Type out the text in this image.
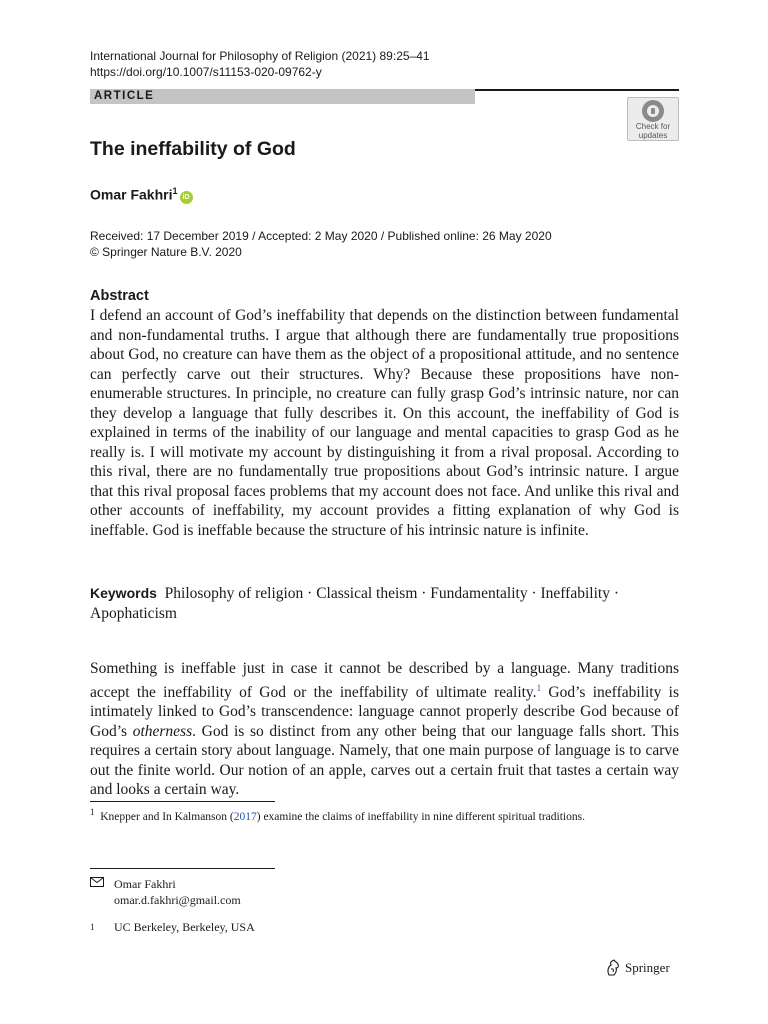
International Journal for Philosophy of Religion (2021) 89:25–41
https://doi.org/10.1007/s11153-020-09762-y
ARTICLE
Check for
updates
The ineffability of God
Omar Fakhri$^1$iD
Received: 17 December 2019 / Accepted: 2 May 2020 / Published online: 26 May 2020
© Springer Nature B.V. 2020
Abstract
I defend an account of God’s ineffability that depends on the distinction between fundamental and non-fundamental truths. I argue that although there are fundamentally true propositions about God, no creature can have them as the object of a propositional attitude, and no sentence can perfectly carve out their structures. Why? Because these propositions have non-enumerable structures. In principle, no creature can fully grasp God’s intrinsic nature, nor can they develop a language that fully describes it. On this account, the ineffability of God is explained in terms of the inability of our language and mental capacities to grasp God as he really is. I will motivate my account by distinguishing it from a rival proposal. According to this rival, there are no fundamentally true propositions about God’s intrinsic nature. I argue that this rival proposal faces problems that my account does not face. And unlike this rival and other accounts of ineffability, my account provides a fitting explanation of why God is ineffable. God is ineffable because the structure of his intrinsic nature is infinite.
Keywords Philosophy of religion · Classical theism · Fundamentality · Ineffability · Apophaticism
Something is ineffable just in case it cannot be described by a language. Many traditions accept the ineffability of God or the ineffability of ultimate reality.$^1$ God’s ineffability is intimately linked to God’s transcendence: language cannot properly describe God because of God’s otherness. God is so distinct from any other being that our language falls short. This requires a certain story about language. Namely, that one main purpose of language is to carve out the finite world. Our notion of an apple, carves out a certain fruit that tastes a certain way and looks a certain way.
$^1$ Knepper and In Kalmanson (2017) examine the claims of ineffability in nine different spiritual traditions.
Omar Fakhri
omar.d.fakhri@gmail.com
1	UC Berkeley, Berkeley, USA
Springer
